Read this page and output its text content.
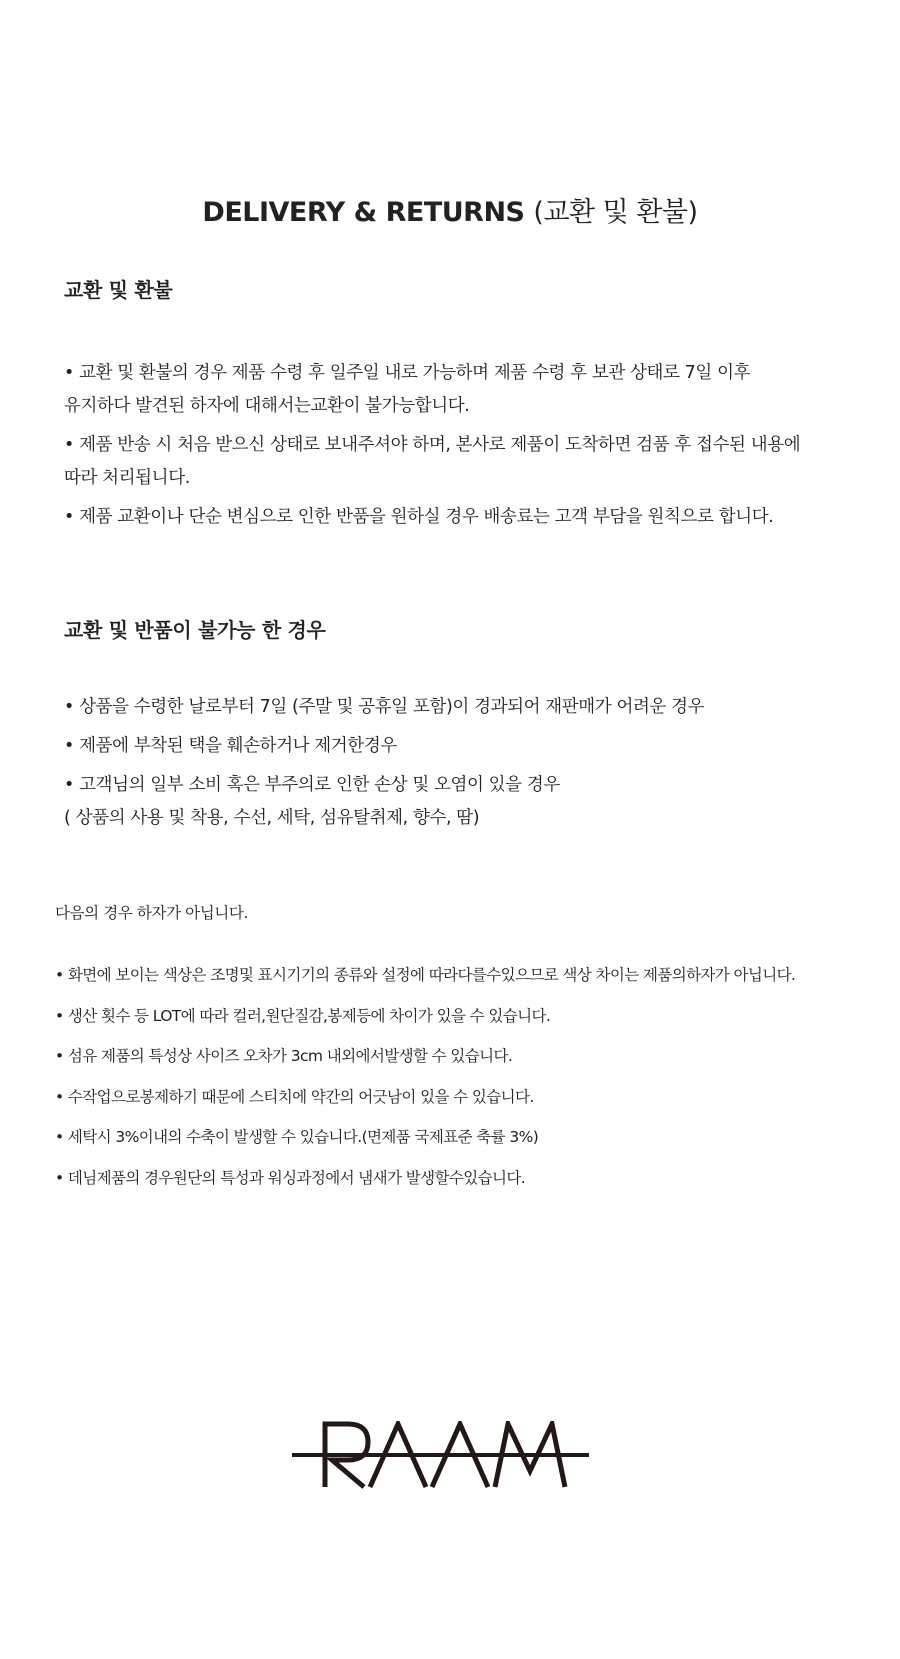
DELIVERY & RETURNS (교환 및 환불)
교환 및 환불
• 교환 및 환불의 경우 제품 수령 후 일주일 내로 가능하며 제품 수령 후 보관 상태로 7일 이후
유지하다 발견된 하자에 대해서는교환이 불가능합니다.
• 제품 반송 시 처음 받으신 상태로 보내주셔야 하며, 본사로 제품이 도착하면 검품 후 접수된 내용에
따라 처리됩니다.
• 제품 교환이나 단순 변심으로 인한 반품을 원하실 경우 배송료는 고객 부담을 원칙으로 합니다.
교환 및 반품이 불가능 한 경우
• 상품을 수령한 날로부터 7일 (주말 및 공휴일 포함)이 경과되어 재판매가 어려운 경우
• 제품에 부착된 택을 훼손하거나 제거한경우
• 고객님의 일부 소비 혹은 부주의로 인한 손상 및 오염이 있을 경우
( 상품의 사용 및 착용, 수선, 세탁, 섬유탈취제, 향수, 땀)

다음의 경우 하자가 아닙니다.

• 화면에 보이는 색상은 조명및 표시기기의 종류와 설정에 따라다를수있으므로 색상 차이는 제품의하자가 아닙니다.
• 생산 횟수 등 LOT에 따라 컬러,원단질감,봉제등에 차이가 있을 수 있습니다.
• 섬유 제품의 특성상 사이즈 오차가 3cm 내외에서발생할 수 있습니다.
• 수작업으로봉제하기 때문에 스티치에 약간의 어긋남이 있을 수 있습니다.
• 세탁시 3%이내의 수축이 발생할 수 있습니다.(면제품 국제표준 축률 3%)
• 데님제품의 경우원단의 특성과 워싱과정에서 냄새가 발생할수있습니다.
